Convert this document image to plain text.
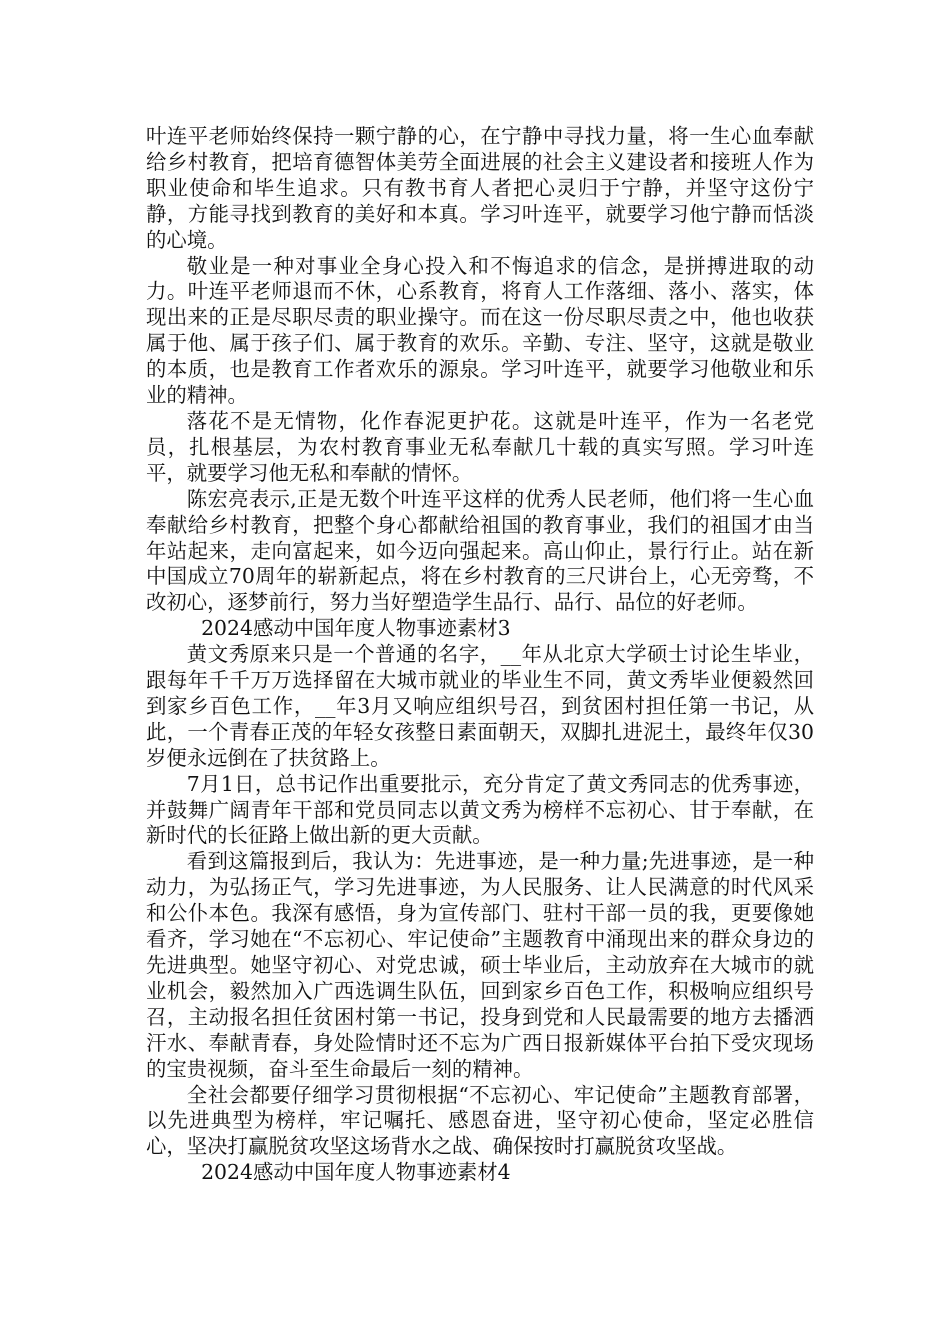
叶连平老师始终保持一颗宁静的心，在宁静中寻找力量，将一生心血奉献给乡村教育，把培育德智体美劳全面进展的社会主义建设者和接班人作为职业使命和毕生追求。只有教书育人者把心灵归于宁静，并坚守这份宁静，方能寻找到教育的美好和本真。学习叶连平，就要学习他宁静而恬淡的心境。

敬业是一种对事业全身心投入和不悔追求的信念，是拼搏进取的动力。叶连平老师退而不休，心系教育，将育人工作落细、落小、落实，体现出来的正是尽职尽责的职业操守。而在这一份尽职尽责之中，他也收获属于他、属于孩子们、属于教育的欢乐。辛勤、专注、坚守，这就是敬业的本质，也是教育工作者欢乐的源泉。学习叶连平，就要学习他敬业和乐业的精神。

落花不是无情物，化作春泥更护花。这就是叶连平，作为一名老党员，扎根基层，为农村教育事业无私奉献几十载的真实写照。学习叶连平，就要学习他无私和奉献的情怀。

陈宏亮表示,正是无数个叶连平这样的优秀人民老师，他们将一生心血奉献给乡村教育，把整个身心都献给祖国的教育事业，我们的祖国才由当年站起来，走向富起来，如今迈向强起来。高山仰止，景行行止。站在新中国成立70周年的崭新起点，将在乡村教育的三尺讲台上，心无旁骛，不改初心，逐梦前行，努力当好塑造学生品行、品行、品位的好老师。

2024感动中国年度人物事迹素材3

黄文秀原来只是一个普通的名字，__年从北京大学硕士讨论生毕业，跟每年千千万万选择留在大城市就业的毕业生不同，黄文秀毕业便毅然回到家乡百色工作，__年3月又响应组织号召，到贫困村担任第一书记，从此，一个青春正茂的年轻女孩整日素面朝天，双脚扎进泥土，最终年仅30岁便永远倒在了扶贫路上。

7月1日，总书记作出重要批示，充分肯定了黄文秀同志的优秀事迹，并鼓舞广阔青年干部和党员同志以黄文秀为榜样不忘初心、甘于奉献，在新时代的长征路上做出新的更大贡献。

看到这篇报到后，我认为：先进事迹，是一种力量;先进事迹，是一种动力，为弘扬正气，学习先进事迹，为人民服务、让人民满意的时代风采和公仆本色。我深有感悟，身为宣传部门、驻村干部一员的我，更要像她看齐，学习她在“不忘初心、牢记使命”主题教育中涌现出来的群众身边的先进典型。她坚守初心、对党忠诚，硕士毕业后，主动放弃在大城市的就业机会，毅然加入广西选调生队伍，回到家乡百色工作，积极响应组织号召，主动报名担任贫困村第一书记，投身到党和人民最需要的地方去播洒汗水、奉献青春，身处险情时还不忘为广西日报新媒体平台拍下受灾现场的宝贵视频，奋斗至生命最后一刻的精神。

全社会都要仔细学习贯彻根据“不忘初心、牢记使命”主题教育部署，以先进典型为榜样，牢记嘱托、感恩奋进，坚守初心使命，坚定必胜信心，坚决打赢脱贫攻坚这场背水之战、确保按时打赢脱贫攻坚战。

2024感动中国年度人物事迹素材4
